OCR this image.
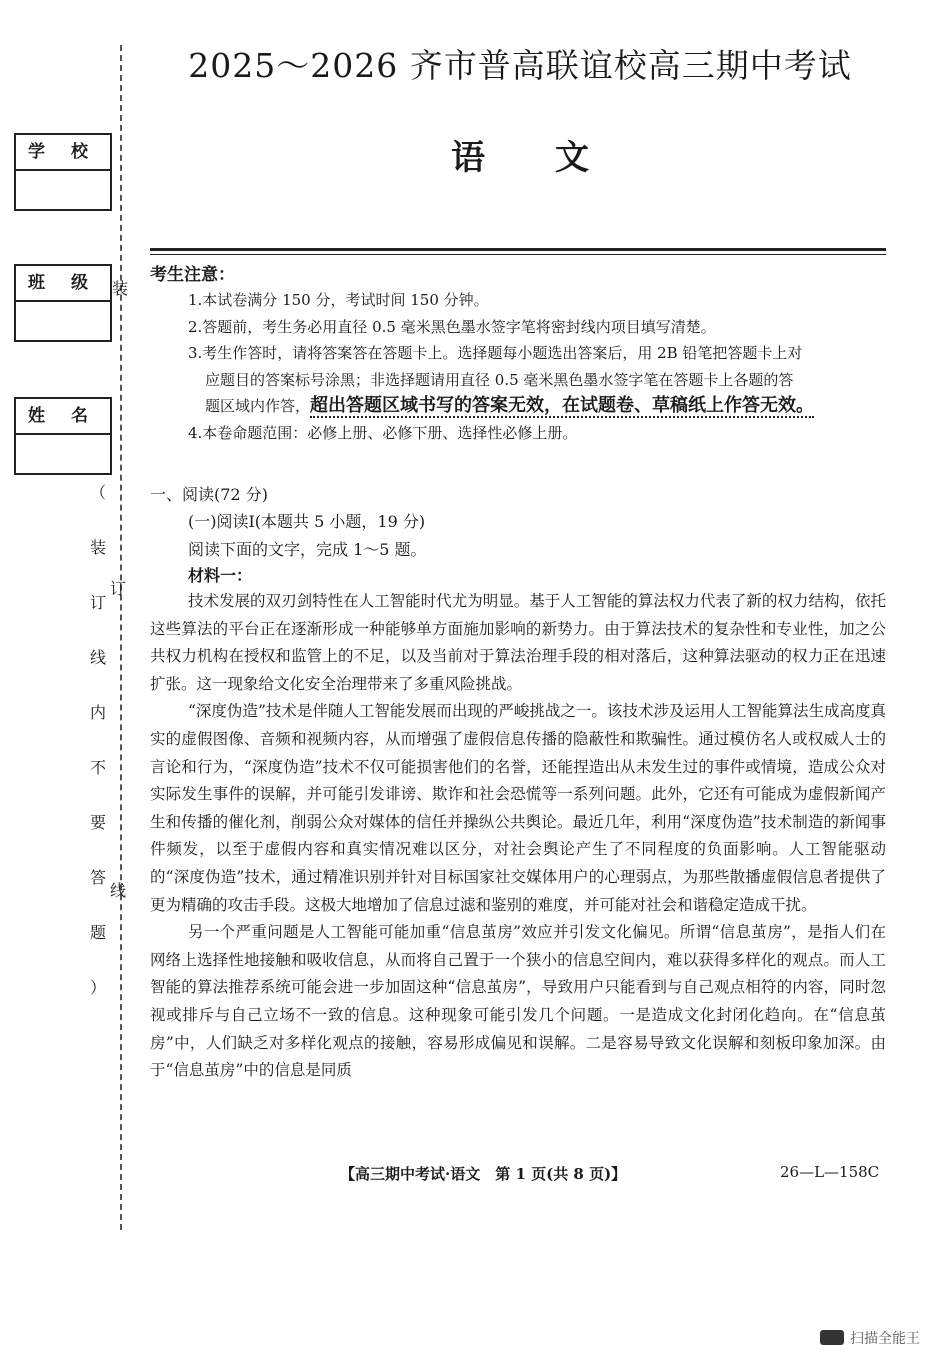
学 校
班 级
姓 名
装
订
线
（
装
订
线
内
不
要
答
题
）
2025～2026 齐市普高联谊校高三期中考试
语文
考生注意：

1.本试卷满分 150 分，考试时间 150 分钟。

2.答题前，考生务必用直径 0.5 毫米黑色墨水签字笔将密封线内项目填写清楚。

3.考生作答时，请将答案答在答题卡上。选择题每小题选出答案后，用 2B 铅笔把答题卡上对

应题目的答案标号涂黑；非选择题请用直径 0.5 毫米黑色墨水签字笔在答题卡上各题的答

题区域内作答，超出答题区域书写的答案无效，在试题卷、草稿纸上作答无效。

4.本卷命题范围：必修上册、必修下册、选择性必修上册。

一、阅读(72 分)
(一)阅读Ⅰ(本题共 5 小题，19 分)
阅读下面的文字，完成 1～5 题。
材料一：

技术发展的双刃剑特性在人工智能时代尤为明显。基于人工智能的算法权力代表了新的权力结构，依托这些算法的平台正在逐渐形成一种能够单方面施加影响的新势力。由于算法技术的复杂性和专业性，加之公共权力机构在授权和监管上的不足，以及当前对于算法治理手段的相对落后，这种算法驱动的权力正在迅速扩张。这一现象给文化安全治理带来了多重风险挑战。

“深度伪造”技术是伴随人工智能发展而出现的严峻挑战之一。该技术涉及运用人工智能算法生成高度真实的虚假图像、音频和视频内容，从而增强了虚假信息传播的隐蔽性和欺骗性。通过模仿名人或权威人士的言论和行为，“深度伪造”技术不仅可能损害他们的名誉，还能捏造出从未发生过的事件或情境，造成公众对实际发生事件的误解，并可能引发诽谤、欺诈和社会恐慌等一系列问题。此外，它还有可能成为虚假新闻产生和传播的催化剂，削弱公众对媒体的信任并操纵公共舆论。最近几年，利用“深度伪造”技术制造的新闻事件频发，以至于虚假内容和真实情况难以区分，对社会舆论产生了不同程度的负面影响。人工智能驱动的“深度伪造”技术，通过精准识别并针对目标国家社交媒体用户的心理弱点，为那些散播虚假信息者提供了更为精确的攻击手段。这极大地增加了信息过滤和鉴别的难度，并可能对社会和谐稳定造成干扰。

另一个严重问题是人工智能可能加重“信息茧房”效应并引发文化偏见。所谓“信息茧房”，是指人们在网络上选择性地接触和吸收信息，从而将自己置于一个狭小的信息空间内，难以获得多样化的观点。而人工智能的算法推荐系统可能会进一步加固这种“信息茧房”，导致用户只能看到与自己观点相符的内容，同时忽视或排斥与自己立场不一致的信息。这种现象可能引发几个问题。一是造成文化封闭化趋向。在“信息茧房”中，人们缺乏对多样化观点的接触，容易形成偏见和误解。二是容易导致文化误解和刻板印象加深。由于“信息茧房”中的信息是同质

【高三期中考试·语文　第 1 页(共 8 页)】	26—L—158C
扫描全能王
